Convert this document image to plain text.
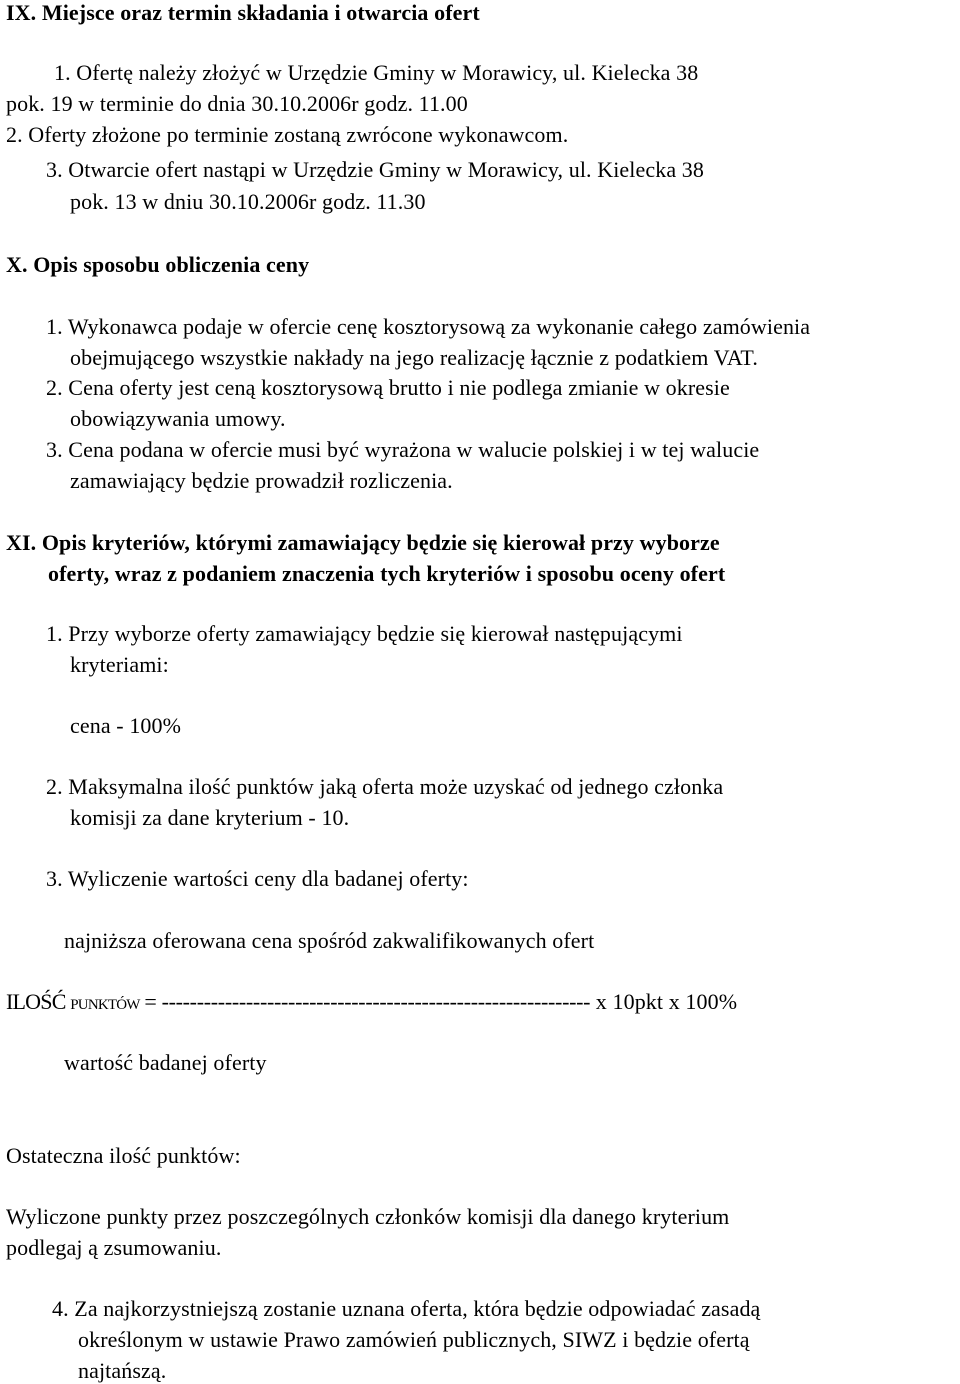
IX. Miejsce oraz termin składania i otwarcia ofert
1. Ofertę należy złożyć w Urzędzie Gminy w Morawicy, ul. Kielecka 38
pok. 19 w terminie do dnia 30.10.2006r godz. 11.00
2. Oferty złożone po terminie zostaną zwrócone wykonawcom.
3. Otwarcie ofert nastąpi w Urzędzie Gminy w Morawicy, ul. Kielecka 38
pok. 13 w dniu 30.10.2006r godz. 11.30
X. Opis sposobu obliczenia ceny
1. Wykonawca podaje w ofercie cenę kosztorysową za wykonanie całego zamówienia
obejmującego wszystkie nakłady na jego realizację łącznie z podatkiem VAT.
2. Cena oferty jest ceną kosztorysową brutto i nie podlega zmianie w okresie
obowiązywania umowy.
3. Cena podana w ofercie musi być wyrażona w walucie polskiej i w tej walucie
zamawiający będzie prowadził rozliczenia.
XI. Opis kryteriów, którymi zamawiający będzie się kierował przy wyborze
oferty, wraz z podaniem znaczenia tych kryteriów i sposobu oceny ofert
1. Przy wyborze oferty zamawiający będzie się kierował następującymi
kryteriami:
cena - 100%
2. Maksymalna ilość punktów jaką oferta może uzyskać od jednego członka
komisji za dane kryterium - 10.
3. Wyliczenie wartości ceny dla badanej oferty:
najniższa oferowana cena spośród zakwalifikowanych ofert
ILOŚĆ punktów = ------------------------------------------------------------- x 10pkt x 100%
wartość badanej oferty
Ostateczna ilość punktów:
Wyliczone punkty przez poszczególnych członków komisji dla danego kryterium
podlegaj ą zsumowaniu.
4. Za najkorzystniejszą zostanie uznana oferta, która będzie odpowiadać zasadą
określonym w ustawie Prawo zamówień publicznych, SIWZ i będzie ofertą
najtańszą.
